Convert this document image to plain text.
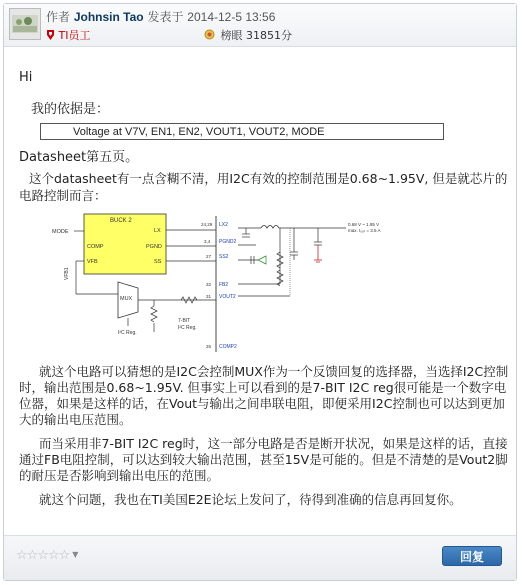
作者 Johnsin Tao 发表于 2014-12-5 13:56
TI员工	榜眼 31851分
Hi
我的依据是：
Voltage at V7V, EN1, EN2, VOUT1, VOUT2, MODE
Datasheet第五页。
这个datasheet有一点含糊不清，用I2C有效的控制范围是0.68~1.95V, 但是就芯片的电路控制而言：
BUCK 2
VFB
COMP
LX
PGND
SS
MODE
VFB1
MUX
I²C Reg.
7-BIT
I²C Reg.
24,29
3,4
27
32
31
26
LX2
PGND2
SS2
FB2
VOUT2
COMP2
0.68 V ~ 1.95 V
max. I₀ᵤₜ = 3.5 A
就这个电路可以猜想的是I2C会控制MUX作为一个反馈回复的选择器，当选择I2C控制时，输出范围是0.68~1.95V. 但事实上可以看到的是7-BIT I2C reg很可能是一个数字电位器，如果是这样的话，在Vout与输出之间串联电阻，即便采用I2C控制也可以达到更加大的输出电压范围。
而当采用非7-BIT I2C reg时，这一部分电路是否是断开状况，如果是这样的话，直接通过FB电阻控制，可以达到较大输出范围，甚至15V是可能的。但是不清楚的是Vout2脚的耐压是否影响到输出电压的范围。
就这个问题，我也在TI美国E2E论坛上发问了，待得到准确的信息再回复你。
☆☆☆☆☆ ▼	回复
